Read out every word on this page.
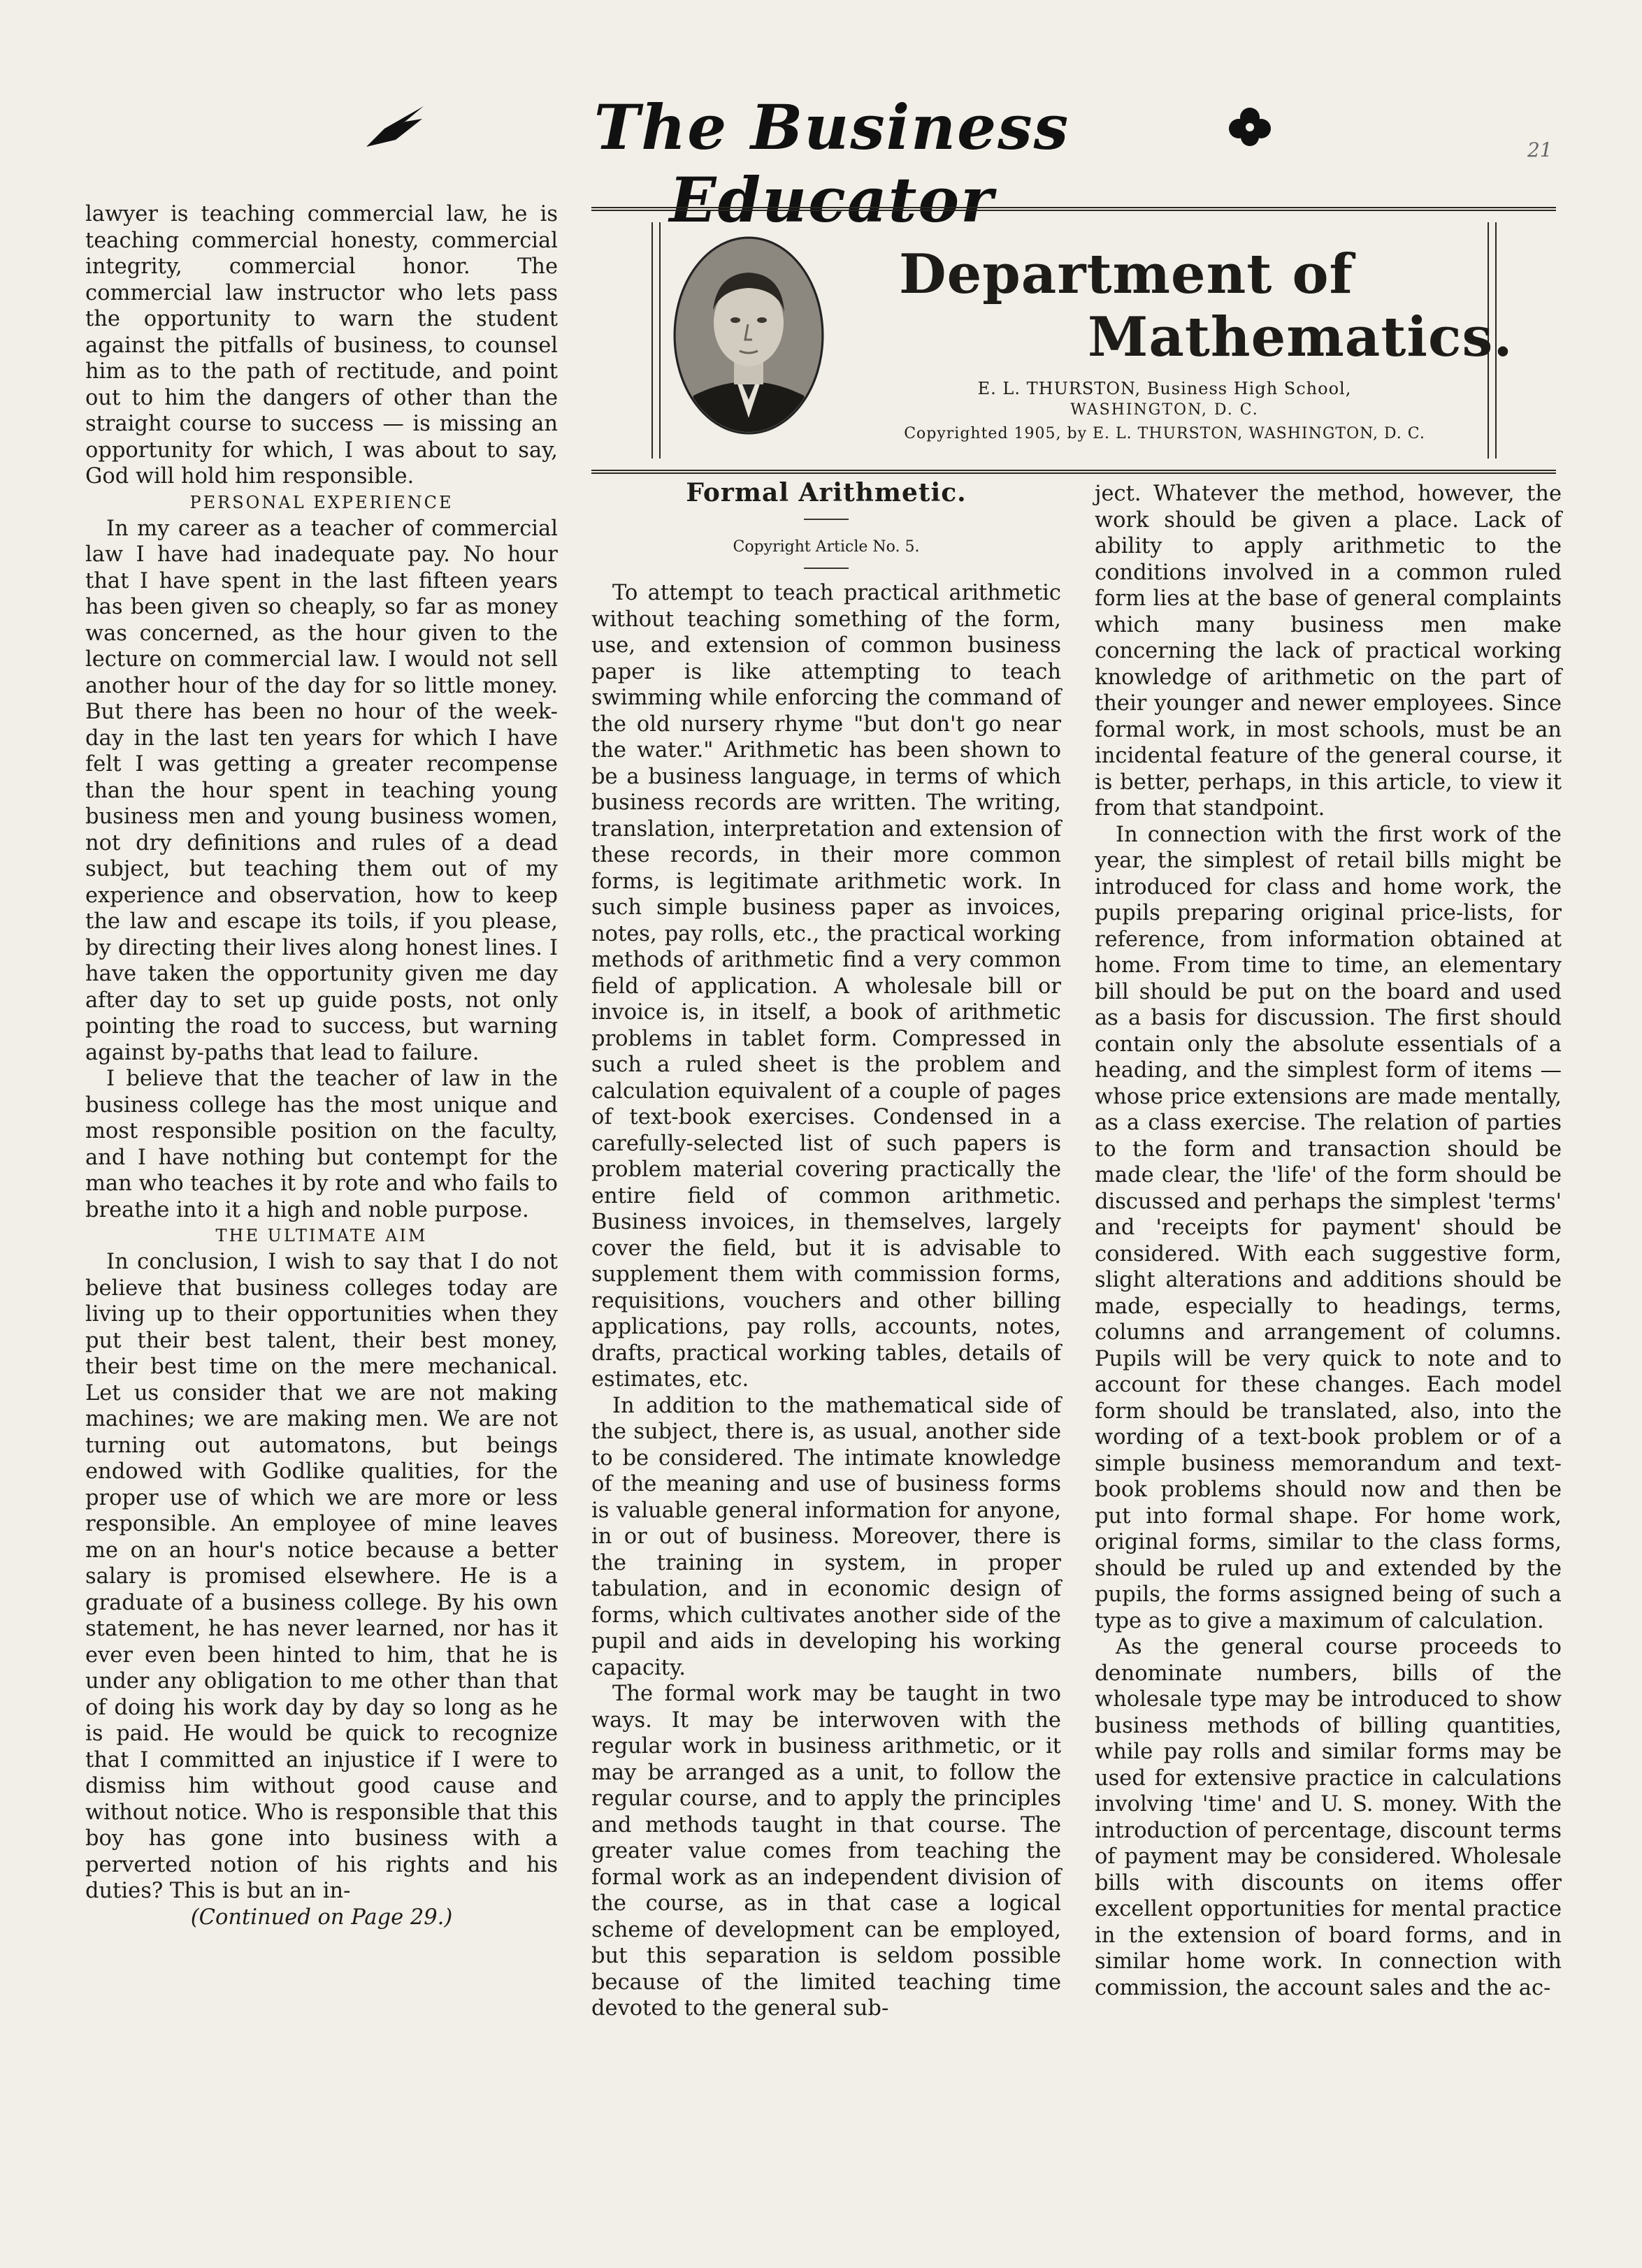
The Business Educator
21

lawyer is teaching commercial law, he is teaching commercial honesty, commercial integrity, commercial honor. The commercial law instructor who lets pass the opportunity to warn the student against the pitfalls of business, to counsel him as to the path of rectitude, and point out to him the dangers of other than the straight course to success — is missing an opportunity for which, I was about to say, God will hold him responsible.

PERSONAL EXPERIENCE

In my career as a teacher of commercial law I have had inadequate pay. No hour that I have spent in the last fifteen years has been given so cheaply, so far as money was concerned, as the hour given to the lecture on commercial law. I would not sell another hour of the day for so little money. But there has been no hour of the week-day in the last ten years for which I have felt I was getting a greater recompense than the hour spent in teaching young business men and young business women, not dry definitions and rules of a dead subject, but teaching them out of my experience and observation, how to keep the law and escape its toils, if you please, by directing their lives along honest lines. I have taken the opportunity given me day after day to set up guide posts, not only pointing the road to success, but warning against by-paths that lead to failure.

I believe that the teacher of law in the business college has the most unique and most responsible position on the faculty, and I have nothing but contempt for the man who teaches it by rote and who fails to breathe into it a high and noble purpose.

THE ULTIMATE AIM

In conclusion, I wish to say that I do not believe that business colleges today are living up to their opportunities when they put their best talent, their best money, their best time on the mere mechanical. Let us consider that we are not making machines; we are making men. We are not turning out automatons, but beings endowed with Godlike qualities, for the proper use of which we are more or less responsible. An employee of mine leaves me on an hour's notice because a better salary is promised elsewhere. He is a graduate of a business college. By his own statement, he has never learned, nor has it ever even been hinted to him, that he is under any obligation to me other than that of doing his work day by day so long as he is paid. He would be quick to recognize that I committed an injustice if I were to dismiss him without good cause and without notice. Who is responsible that this boy has gone into business with a perverted notion of his rights and his duties? This is but an in-

(Continued on Page 29.)

Department of
Mathematics.
E. L. THURSTON, Business High School,
WASHINGTON, D. C.
Copyrighted 1905, by E. L. THURSTON, WASHINGTON, D. C.
Formal Arithmetic.
Copyright Article No. 5.

To attempt to teach practical arithmetic without teaching something of the form, use, and extension of common business paper is like attempting to teach swimming while enforcing the command of the old nursery rhyme "but don't go near the water." Arithmetic has been shown to be a business language, in terms of which business records are written. The writing, translation, interpretation and extension of these records, in their more common forms, is legitimate arithmetic work. In such simple business paper as invoices, notes, pay rolls, etc., the practical working methods of arithmetic find a very common field of application. A wholesale bill or invoice is, in itself, a book of arithmetic problems in tablet form. Compressed in such a ruled sheet is the problem and calculation equivalent of a couple of pages of text-book exercises. Condensed in a carefully-selected list of such papers is problem material covering practically the entire field of common arithmetic. Business invoices, in themselves, largely cover the field, but it is advisable to supplement them with commission forms, requisitions, vouchers and other billing applications, pay rolls, accounts, notes, drafts, practical working tables, details of estimates, etc.

In addition to the mathematical side of the subject, there is, as usual, another side to be considered. The intimate knowledge of the meaning and use of business forms is valuable general information for anyone, in or out of business. Moreover, there is the training in system, in proper tabulation, and in economic design of forms, which cultivates another side of the pupil and aids in developing his working capacity.

The formal work may be taught in two ways. It may be interwoven with the regular work in business arithmetic, or it may be arranged as a unit, to follow the regular course, and to apply the principles and methods taught in that course. The greater value comes from teaching the formal work as an independent division of the course, as in that case a logical scheme of development can be employed, but this separation is seldom possible because of the limited teaching time devoted to the general sub-

ject. Whatever the method, however, the work should be given a place. Lack of ability to apply arithmetic to the conditions involved in a common ruled form lies at the base of general complaints which many business men make concerning the lack of practical working knowledge of arithmetic on the part of their younger and newer employees. Since formal work, in most schools, must be an incidental feature of the general course, it is better, perhaps, in this article, to view it from that standpoint.

In connection with the first work of the year, the simplest of retail bills might be introduced for class and home work, the pupils preparing original price-lists, for reference, from information obtained at home. From time to time, an elementary bill should be put on the board and used as a basis for discussion. The first should contain only the absolute essentials of a heading, and the simplest form of items — whose price extensions are made mentally, as a class exercise. The relation of parties to the form and transaction should be made clear, the 'life' of the form should be discussed and perhaps the simplest 'terms' and 'receipts for payment' should be considered. With each suggestive form, slight alterations and additions should be made, especially to headings, terms, columns and arrangement of columns. Pupils will be very quick to note and to account for these changes. Each model form should be translated, also, into the wording of a text-book problem or of a simple business memorandum and text-book problems should now and then be put into formal shape. For home work, original forms, similar to the class forms, should be ruled up and extended by the pupils, the forms assigned being of such a type as to give a maximum of calculation.

As the general course proceeds to denominate numbers, bills of the wholesale type may be introduced to show business methods of billing quantities, while pay rolls and similar forms may be used for extensive practice in calculations involving 'time' and U. S. money. With the introduction of percentage, discount terms of payment may be considered. Wholesale bills with discounts on items offer excellent opportunities for mental practice in the extension of board forms, and in similar home work. In connection with commission, the account sales and the ac-
